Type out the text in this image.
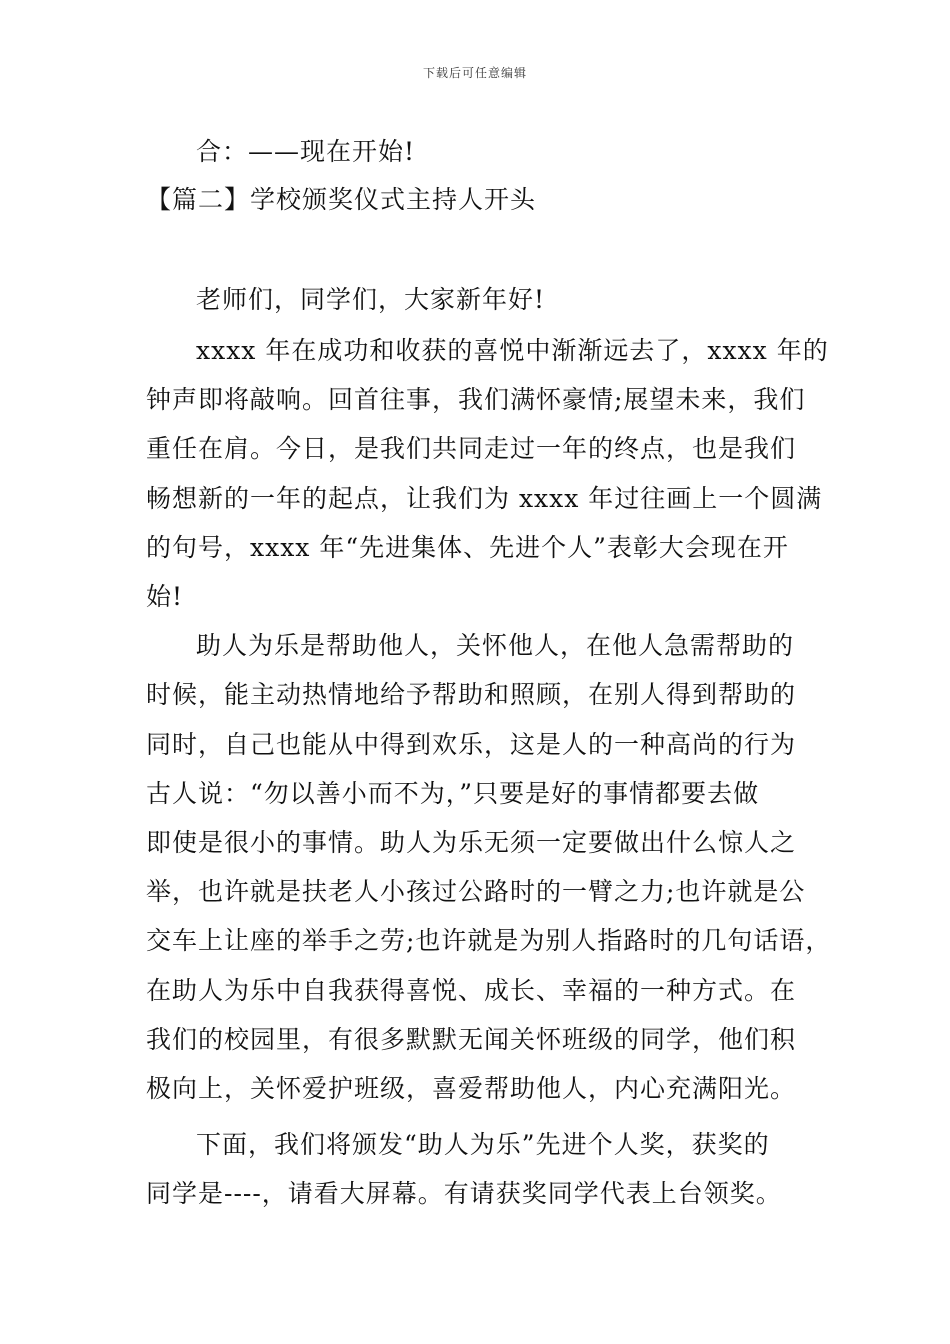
下载后可任意编辑
合：——现在开始!
【篇二】学校颁奖仪式主持人开头
老师们，同学们，大家新年好!
xxxx 年在成功和收获的喜悦中渐渐远去了，xxxx 年的
钟声即将敲响。回首往事，我们满怀豪情;展望未来，我们
重任在肩。今日，是我们共同走过一年的终点，也是我们
畅想新的一年的起点，让我们为 xxxx 年过往画上一个圆满
的句号，xxxx 年“先进集体、先进个人”表彰大会现在开
始!
助人为乐是帮助他人，关怀他人，在他人急需帮助的
时候，能主动热情地给予帮助和照顾，在别人得到帮助的
同时，自己也能从中得到欢乐，这是人的一种高尚的行为
古人说：“勿以善小而不为，”只要是好的事情都要去做
即使是很小的事情。助人为乐无须一定要做出什么惊人之
举，也许就是扶老人小孩过公路时的一臂之力;也许就是公
交车上让座的举手之劳;也许就是为别人指路时的几句话语，
在助人为乐中自我获得喜悦、成长、幸福的一种方式。在
我们的校园里，有很多默默无闻关怀班级的同学，他们积
极向上，关怀爱护班级，喜爱帮助他人，内心充满阳光。
下面，我们将颁发“助人为乐”先进个人奖，获奖的
同学是----，请看大屏幕。有请获奖同学代表上台领奖。
